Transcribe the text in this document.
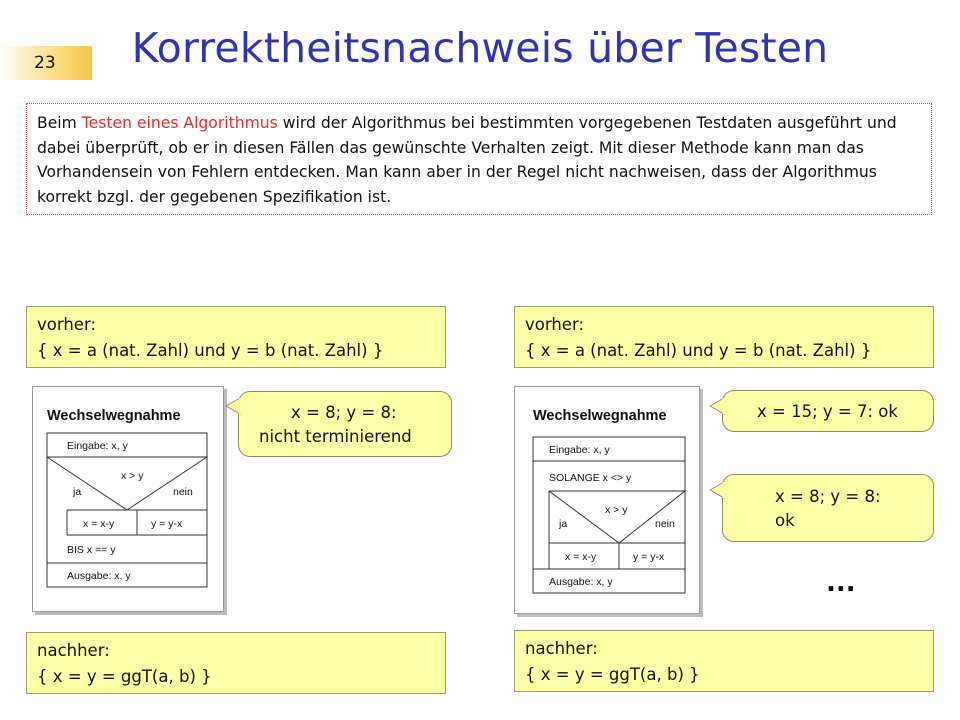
23	Korrektheitsnachweis über Testen
Beim Testen eines Algorithmus wird der Algorithmus bei bestimmten vorgegebenen Testdaten ausgeführt und dabei überprüft, ob er in diesen Fällen das gewünschte Verhalten zeigt. Mit dieser Methode kann man das Vorhandensein von Fehlern entdecken. Man kann aber in der Regel nicht nachweisen, dass der Algorithmus korrekt bzgl. der gegebenen Spezifikation ist.
vorher:
{ x = a (nat. Zahl) und y = b (nat. Zahl) }
Wechselwegnahme
Eingabe: x, y
x > y
ja	nein
x = x-y	y = y-x
BIS x == y
Ausgabe: x, y
x = 8; y = 8:
nicht terminierend
nachher:
{ x = y = ggT(a, b) }
vorher:
{ x = a (nat. Zahl) und y = b (nat. Zahl) }
Wechselwegnahme
Eingabe: x, y
SOLANGE x <> y
x > y
ja	nein
x = x-y	y = y-x
Ausgabe: x, y
x = 15; y = 7: ok
x = 8; y = 8:
ok
...
nachher:
{ x = y = ggT(a, b) }
